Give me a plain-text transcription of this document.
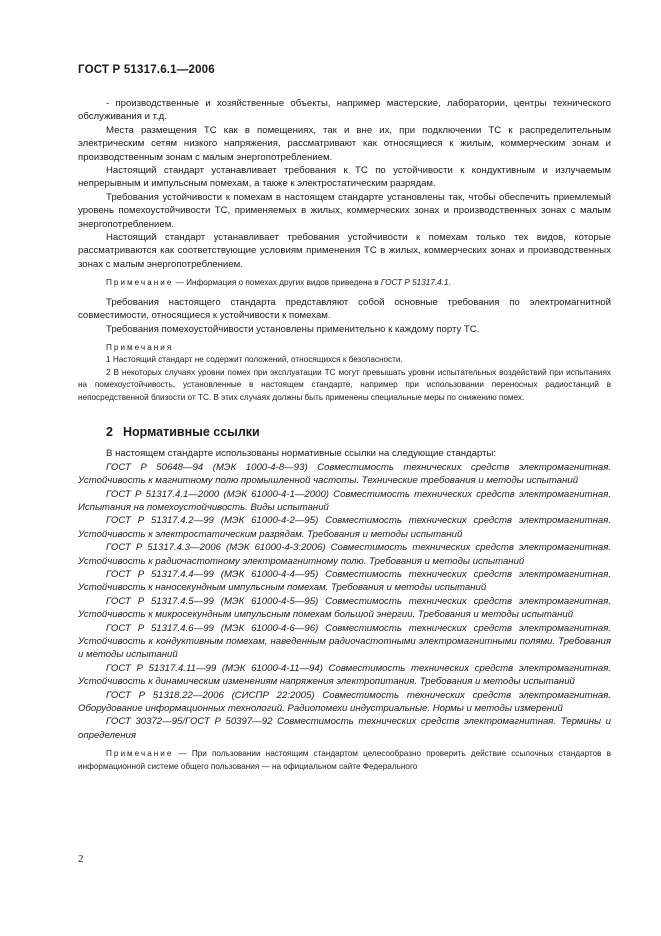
ГОСТ Р 51317.6.1—2006

- производственные и хозяйственные объекты, например мастерские, лаборатории, центры технического обслуживания и т.д.

Места размещения ТС как в помещениях, так и вне их, при подключении ТС к распределительным электрическим сетям низкого напряжения, рассматривают как относящиеся к жилым, коммерческим зонам и производственным зонам с малым энергопотреблением.

Настоящий стандарт устанавливает требования к ТС по устойчивости к кондуктивным и излучаемым непрерывным и импульсным помехам, а также к электростатическим разрядам.

Требования устойчивости к помехам в настоящем стандарте установлены так, чтобы обеспечить приемлемый уровень помехоустойчивости ТС, применяемых в жилых, коммерческих зонах и производственных зонах с малым энергопотреблением.

Настоящий стандарт устанавливает требования устойчивости к помехам только тех видов, которые рассматриваются как соответствующие условиям применения ТС в жилых, коммерческих зонах и производственных зонах с малым энергопотреблением.

Примечание — Информация о помехах других видов приведена в ГОСТ Р 51317.4.1.

Требования настоящего стандарта представляют собой основные требования по электромагнитной совместимости, относящиеся к устойчивости к помехам.

Требования помехоустойчивости установлены применительно к каждому порту ТС.

Примечания

1 Настоящий стандарт не содержит положений, относящихся к безопасности.

2 В некоторых случаях уровни помех при эксплуатации ТС могут превышать уровни испытательных воздействий при испытаниях на помехоустойчивость, установленные в настоящем стандарте, например при использовании переносных радиостанций в непосредственной близости от ТС. В этих случаях должны быть применены специальные меры по снижению помех.

2 Нормативные ссылки

В настоящем стандарте использованы нормативные ссылки на следующие стандарты:

ГОСТ Р 50648—94 (МЭК 1000-4-8—93) Совместимость технических средств электромагнитная. Устойчивость к магнитному полю промышленной частоты. Технические требования и методы испытаний

ГОСТ Р 51317.4.1—2000 (МЭК 61000-4-1—2000) Совместимость технических средств электромагнитная. Испытания на помехоустойчивость. Виды испытаний

ГОСТ Р 51317.4.2—99 (МЭК 61000-4-2—95) Совместимость технических средств электромагнитная. Устойчивость к электростатическим разрядам. Требования и методы испытаний

ГОСТ Р 51317.4.3—2006 (МЭК 61000-4-3:2006) Совместимость технических средств электромагнитная. Устойчивость к радиочастотному электромагнитному полю. Требования и методы испытаний

ГОСТ Р 51317.4.4—99 (МЭК 61000-4-4—95) Совместимость технических средств электромагнитная. Устойчивость к наносекундным импульсным помехам. Требования и методы испытаний

ГОСТ Р 51317.4.5—99 (МЭК 61000-4-5—95) Совместимость технических средств электромагнитная. Устойчивость к микросекундным импульсным помехам большой энергии. Требования и методы испытаний

ГОСТ Р 51317.4.6—99 (МЭК 61000-4-6—96) Совместимость технических средств электромагнитная. Устойчивость к кондуктивным помехам, наведенным радиочастотными электромагнитными полями. Требования и методы испытаний

ГОСТ Р 51317.4.11—99 (МЭК 61000-4-11—94) Совместимость технических средств электромагнитная. Устойчивость к динамическим изменениям напряжения электропитания. Требования и методы испытаний

ГОСТ Р 51318.22—2006 (СИСПР 22:2005) Совместимость технических средств электромагнитная. Оборудование информационных технологий. Радиопомехи индустриальные. Нормы и методы измерений

ГОСТ 30372—95/ГОСТ Р 50397—92 Совместимость технических средств электромагнитная. Термины и определения

Примечание — При пользовании настоящим стандартом целесообразно проверить действие ссылочных стандартов в информационной системе общего пользования — на официальном сайте Федерального

2
